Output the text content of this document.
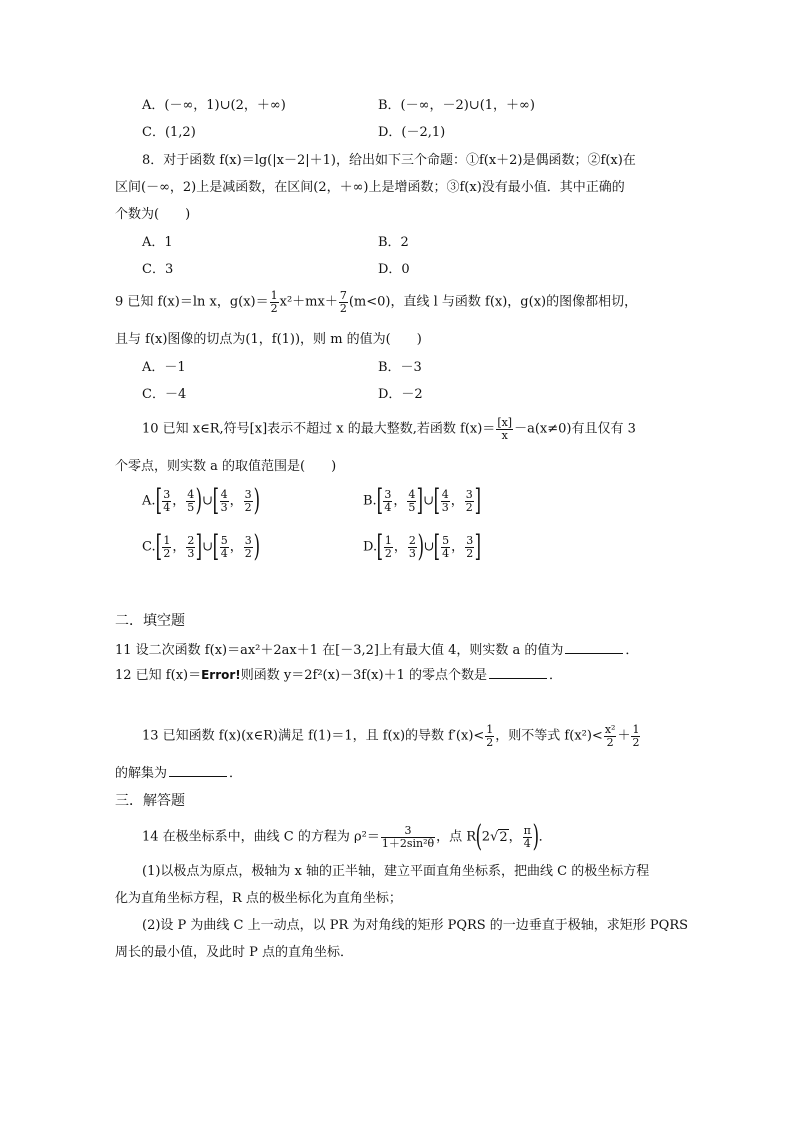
A．(－∞，1)∪(2，＋∞)	B．(－∞，－2)∪(1，＋∞)
C．(1,2)	D．(－2,1)
8．对于函数 f(x)＝lg(|x－2|＋1)，给出如下三个命题：①f(x＋2)是偶函数；②f(x)在
区间(－∞，2)上是减函数，在区间(2，＋∞)上是增函数；③f(x)没有最小值．其中正确的
个数为(　　)
A．1	B．2
C．3	D．0
9 已知 f(x)＝ln x，$g(x)= \frac{1}{2} x^2+mx+ \frac{7}{2} (m<0)$，直线 l 与函数 f(x)，g(x)的图像都相切，
且与 f(x)图像的切点为(1，f(1))，则 m 的值为(　　)
A．－1	B．－3
C．－4	D．－2
10 已知 x∈R,符号[x]表示不超过 x 的最大整数,若函数 $f(x)= \frac{[x]}{x} -a(x\ne 0)$有且仅有 3
个零点，则实数 a 的取值范围是(　　)
$A.[ \frac{3}{4}$ ， $\frac{4}{5}$ )∪[ $\frac{4}{3}$ ， $\frac{3}{2}$ )	$B.[ \frac{3}{4}$ ， $\frac{4}{5}$ ]∪[ $\frac{4}{3}$ ， $\frac{3}{2}$ ]
$C.[ \frac{1}{2}$ ， $\frac{2}{3}$ ]∪[ $\frac{5}{4}$ ， $\frac{3}{2}$ )	$D.[ \frac{1}{2}$ ， $\frac{2}{3}$ )∪[ $\frac{5}{4}$ ， $\frac{3}{2}$ ]
二．填空题
11 设二次函数 f(x)＝ax²＋2ax＋1 在[－3,2]上有最大值 4，则实数 a 的值为	．
12 已知 f(x)＝Error!则函数 y＝2f²(x)－3f(x)＋1 的零点个数是	．
13 已知函数 f(x)(x∈R)满足 f(1)＝1，且 f(x)的导数 $f'(x)< \frac{1}{2}$ ，则不等式 $f(x^2)< \frac{\text{x²}}{2} + \frac{1}{2}$
的解集为	．
三．解答题
14 在极坐标系中，曲线 C 的方程为 $\rho^2= \frac{3}{\text{1＋2sin²θ}}$ ，点 R(2√2， $\frac{\pi}{4}$ )．
(1)以极点为原点，极轴为 x 轴的正半轴，建立平面直角坐标系，把曲线 C 的极坐标方程
化为直角坐标方程，R 点的极坐标化为直角坐标；
(2)设 P 为曲线 C 上一动点，以 PR 为对角线的矩形 PQRS 的一边垂直于极轴，求矩形 PQRS
周长的最小值，及此时 P 点的直角坐标．
